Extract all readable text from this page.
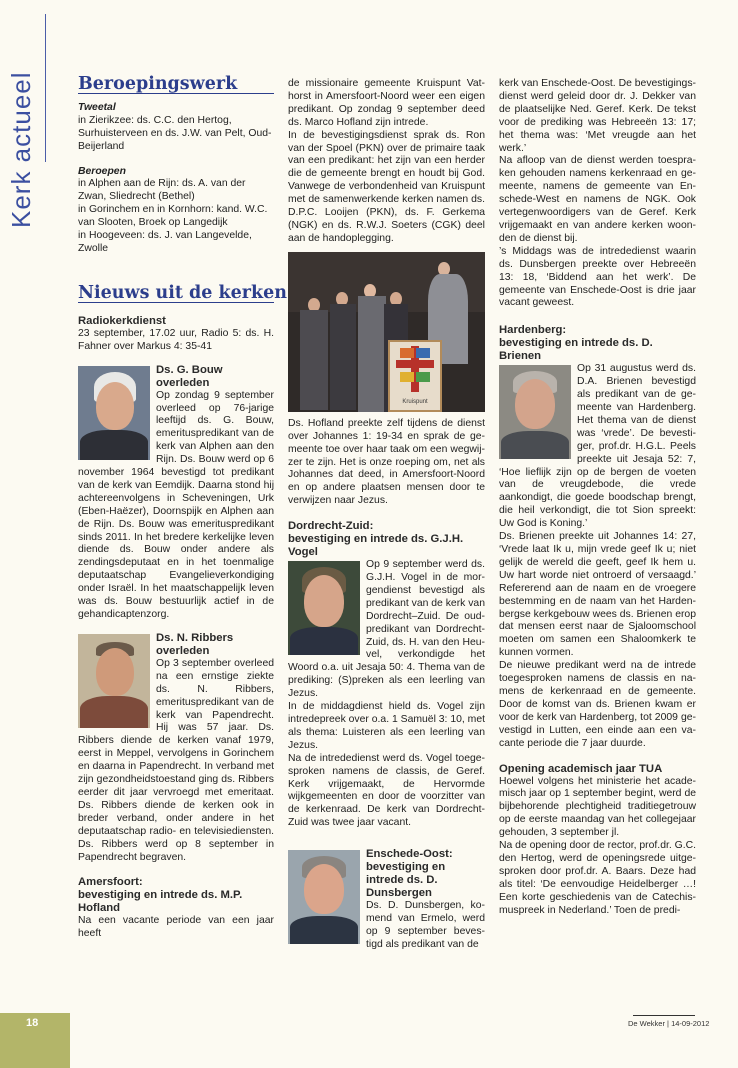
Kerk actueel Beroepingswerk
Tweetal

in Zierikzee: ds. C.C. den Hertog, Surhuisterveen en ds. J.W. van Pelt, Oud-Beijerland

Beroepen

in Alphen aan de Rijn: ds. A. van der Zwan, Sliedrecht (Bethel)

in Gorinchem en in Kornhorn: kand. W.C. van Slooten, Broek op Langedijk

in Hoogeveen: ds. J. van Langevelde, Zwolle

Nieuws uit de kerken
Radiokerkdienst

23 september, 17.02 uur, Radio 5: ds. H. Fahner over Markus 4: 35-41

Ds. G. Bouw overleden

Op zondag 9 september overleed op 76-jarige leeftijd ds. G. Bouw, emerituspredikant van de kerk van Alphen aan den Rijn. Ds. Bouw werd op 6 november 1964 bevestigd tot predikant van de kerk van Eemdijk. Daarna stond hij achtereenvolgens in Scheveningen, Urk (Eben-Haëzer), Doornspijk en Alphen aan de Rijn. Ds. Bouw was emerituspredikant sinds 2011. In het bredere kerkelijke leven diende ds. Bouw onder andere als zendingsdeputaat en in het toenmalige deputaatschap Evangelieverkondiging onder Israël. In het maatschappelijk leven was ds. Bouw bestuurlijk actief in de gehandicaptenzorg.

Ds. N. Ribbers overleden

Op 3 september overleed na een ernstige ziekte ds. N. Ribbers, emerituspredikant van de kerk van Papendrecht. Hij was 57 jaar. Ds. Ribbers diende de kerken vanaf 1979, eerst in Meppel, vervolgens in Gorinchem en daarna in Papendrecht. In verband met zijn gezondheidstoestand ging ds. Ribbers eerder dit jaar vervroegd met emeritaat. Ds. Ribbers diende de kerken ook in breder verband, onder andere in het deputaatschap radio- en televisiediensten. Ds. Ribbers werd op 8 september in Papendrecht begraven.

Amersfoort:
bevestiging en intrede ds. M.P. Hofland

Na een vacante periode van een jaar heeft

de missionaire gemeente Kruispunt Vathorst in Amersfoort-Noord weer een eigen predikant. Op zondag 9 september deed ds. Marco Hofland zijn intrede.

In de bevestigingsdienst sprak ds. Ron van der Spoel (PKN) over de primaire taak van een predikant: het zijn van een herder die de gemeente brengt en houdt bij God. Vanwege de verbondenheid van Kruispunt met de samenwerkende kerken namen ds. D.P.C. Looijen (PKN), ds. F. Gerkema (NGK) en ds. R.W.J. Soeters (CGK) deel aan de handoplegging.

Kruispunt

Ds. Hofland preekte zelf tijdens de dienst over Johannes 1: 19-34 en sprak de gemeente toe over haar taak om een wegwijzer te zijn. Het is onze roeping om, net als Johannes dat deed, in Amersfoort-Noord en op andere plaatsen mensen door te verwijzen naar Jezus.

Dordrecht-Zuid:
bevestiging en intrede ds. G.J.H. Vogel

Op 9 september werd ds. G.J.H. Vogel in de morgendienst bevestigd als predikant van de kerk van Dordrecht–Zuid. De oud-predikant van Dordrecht-Zuid, ds. H. van den Heuvel, verkondigde het Woord o.a. uit Jesaja 50: 4. Thema van de prediking: (S)preken als een leerling van Jezus.

In de middagdienst hield ds. Vogel zijn intredepreek over o.a. 1 Samuël 3: 10, met als thema: Luisteren als een leerling van Jezus.

Na de intrededienst werd ds. Vogel toegesproken namens de classis, de Geref. Kerk vrijgemaakt, de Hervormde wijkgemeenten en door de voorzitter van de kerkenraad. De kerk van Dordrecht-Zuid was twee jaar vacant.

Enschede-Oost:
bevestiging en intrede ds. D. Dunsbergen

Ds. D. Dunsbergen, komend van Ermelo, werd op 9 september bevestigd als predikant van de

kerk van Enschede-Oost. De bevestigingsdienst werd geleid door dr. J. Dekker van de plaatselijke Ned. Geref. Kerk. De tekst voor de prediking was Hebreeën 13: 17; het thema was: ‘Met vreugde aan het werk.’

Na afloop van de dienst werden toespraken gehouden namens kerkenraad en gemeente, namens de gemeente van Enschede-West en namens de NGK. Ook vertegenwoordigers van de Geref. Kerk vrijgemaakt en van andere kerken woonden de dienst bij.

’s Middags was de intrededienst waarin ds. Dunsbergen preekte over Hebreeën 13: 18, ‘Biddend aan het werk’. De gemeente van Enschede-Oost is drie jaar vacant geweest.

Hardenberg:
bevestiging en intrede ds. D. Brienen

Op 31 augustus werd ds. D.A. Brienen bevestigd als predikant van de gemeente van Hardenberg. Het thema van de dienst was ‘vrede’. De bevestiger, prof.dr. H.G.L. Peels preekte uit Jesaja 52: 7, ‘Hoe lieflijk zijn op de bergen de voeten van de vreugdebode, die vrede aankondigt, die goede boodschap brengt, die heil verkondigt, die tot Sion spreekt: Uw God is Koning.’

Ds. Brienen preekte uit Johannes 14: 27, ‘Vrede laat Ik u, mijn vrede geef Ik u; niet gelijk de wereld die geeft, geef Ik hem u. Uw hart worde niet ontroerd of versaagd.’ Refererend aan de naam en de vroegere bestemming en de naam van het Hardenbergse kerkgebouw wees ds. Brienen erop dat mensen eerst naar de Sjaloomschool moeten om samen een Shaloomkerk te kunnen vormen.

De nieuwe predikant werd na de intrede toegesproken namens de classis en namens de kerkenraad en de gemeente. Door de komst van ds. Brienen kwam er voor de kerk van Hardenberg, tot 2009 gevestigd in Lutten, een einde aan een vacante periode die 7 jaar duurde.

Opening academisch jaar TUA

Hoewel volgens het ministerie het academisch jaar op 1 september begint, werd de bijbehorende plechtigheid traditiegetrouw op de eerste maandag van het collegejaar gehouden, 3 september jl.

Na de opening door de rector, prof.dr. G.C. den Hertog, werd de openingsrede uitgesproken door prof.dr. A. Baars. Deze had als titel: ‘De eenvoudige Heidelberger …! Een korte geschiedenis van de Catechismuspreek in Nederland.’ Toen de predi-

18	De Wekker | 14-09-2012
